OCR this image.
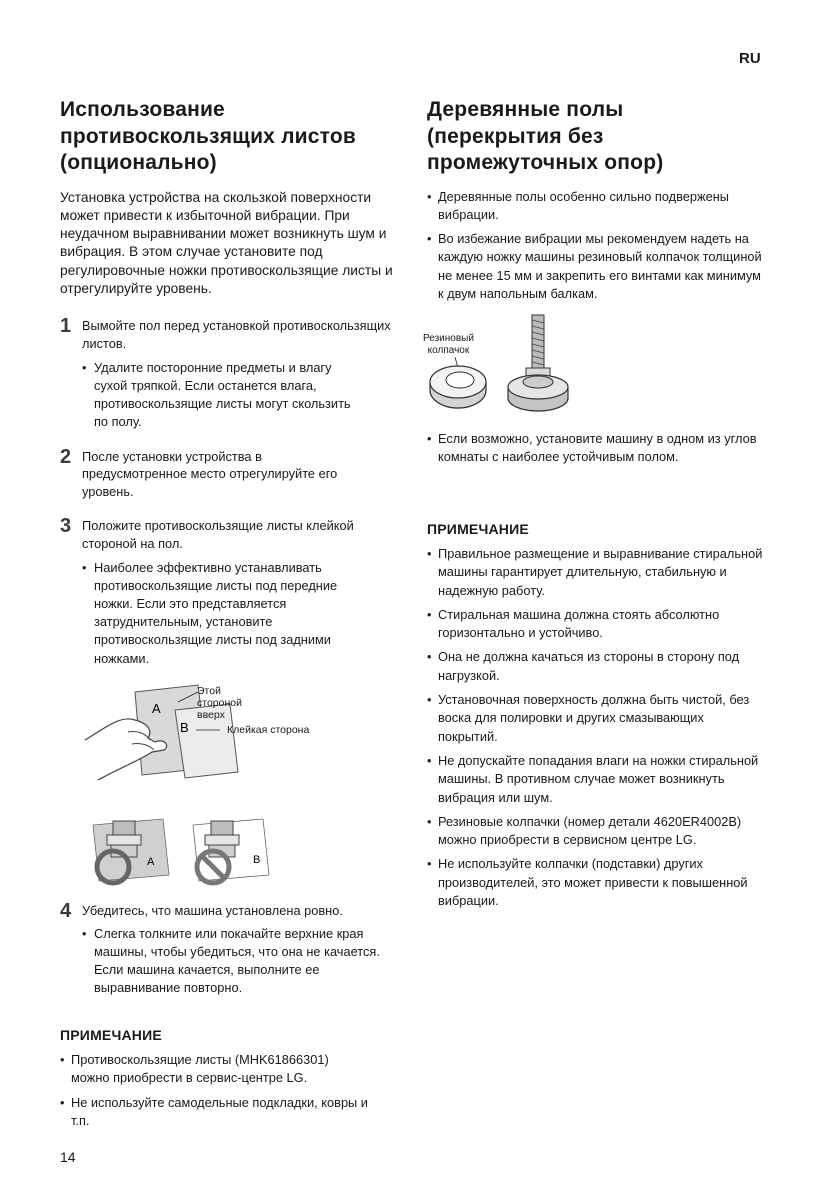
RU
Использование
противоскользящих листов
(опционально)

Установка устройства на скользкой поверхности может привести к избыточной вибрации. При неудачном выравнивании может возникнуть шум и вибрация. В этом случае установите под регулировочные ножки противоскользящие листы и отрегулируйте уровень.

1 Вымойте пол перед установкой противоскользящих листов.
• Удалите посторонние предметы и влагу сухой тряпкой. Если останется влага, противоскользящие листы могут скользить по полу.
2 После установки устройства в предусмотренное место отрегулируйте его уровень.
3 Положите противоскользящие листы клейкой стороной на пол.
• Наиболее эффективно устанавливать противоскользящие листы под передние ножки. Если это представляется затруднительным, установите противоскользящие листы под задними ножками.
A
B
Этой
стороной
вверх
Клейкая сторона
A	B
4 Убедитесь, что машина установлена ровно.
• Слегка толкните или покачайте верхние края машины, чтобы убедиться, что она не качается. Если машина качается, выполните ее выравнивание повторно.
ПРИМЕЧАНИЕ
• Противоскользящие листы (MHK61866301) можно приобрести в сервис-центре LG.
• Не используйте самодельные подкладки, ковры и т.п.
Деревянные полы
(перекрытия без
промежуточных опор)
• Деревянные полы особенно сильно подвержены вибрации.
• Во избежание вибрации мы рекомендуем надеть на каждую ножку машины резиновый колпачок толщиной не менее 15 мм и закрепить его винтами как минимум к двум напольным балкам.
Резиновый
колпачок
• Если возможно, установите машину в одном из углов комнаты с наиболее устойчивым полом.
ПРИМЕЧАНИЕ
• Правильное размещение и выравнивание стиральной машины гарантирует длительную, стабильную и надежную работу.
• Стиральная машина должна стоять абсолютно горизонтально и устойчиво.
• Она не должна качаться из стороны в сторону под нагрузкой.
• Установочная поверхность должна быть чистой, без воска для полировки и других смазывающих покрытий.
• Не допускайте попадания влаги на ножки стиральной машины. В противном случае может возникнуть вибрация или шум.
• Резиновые колпачки (номер детали 4620ER4002B) можно приобрести в сервисном центре LG.
• Не используйте колпачки (подставки) других производителей, это может привести к повышенной вибрации.
14
